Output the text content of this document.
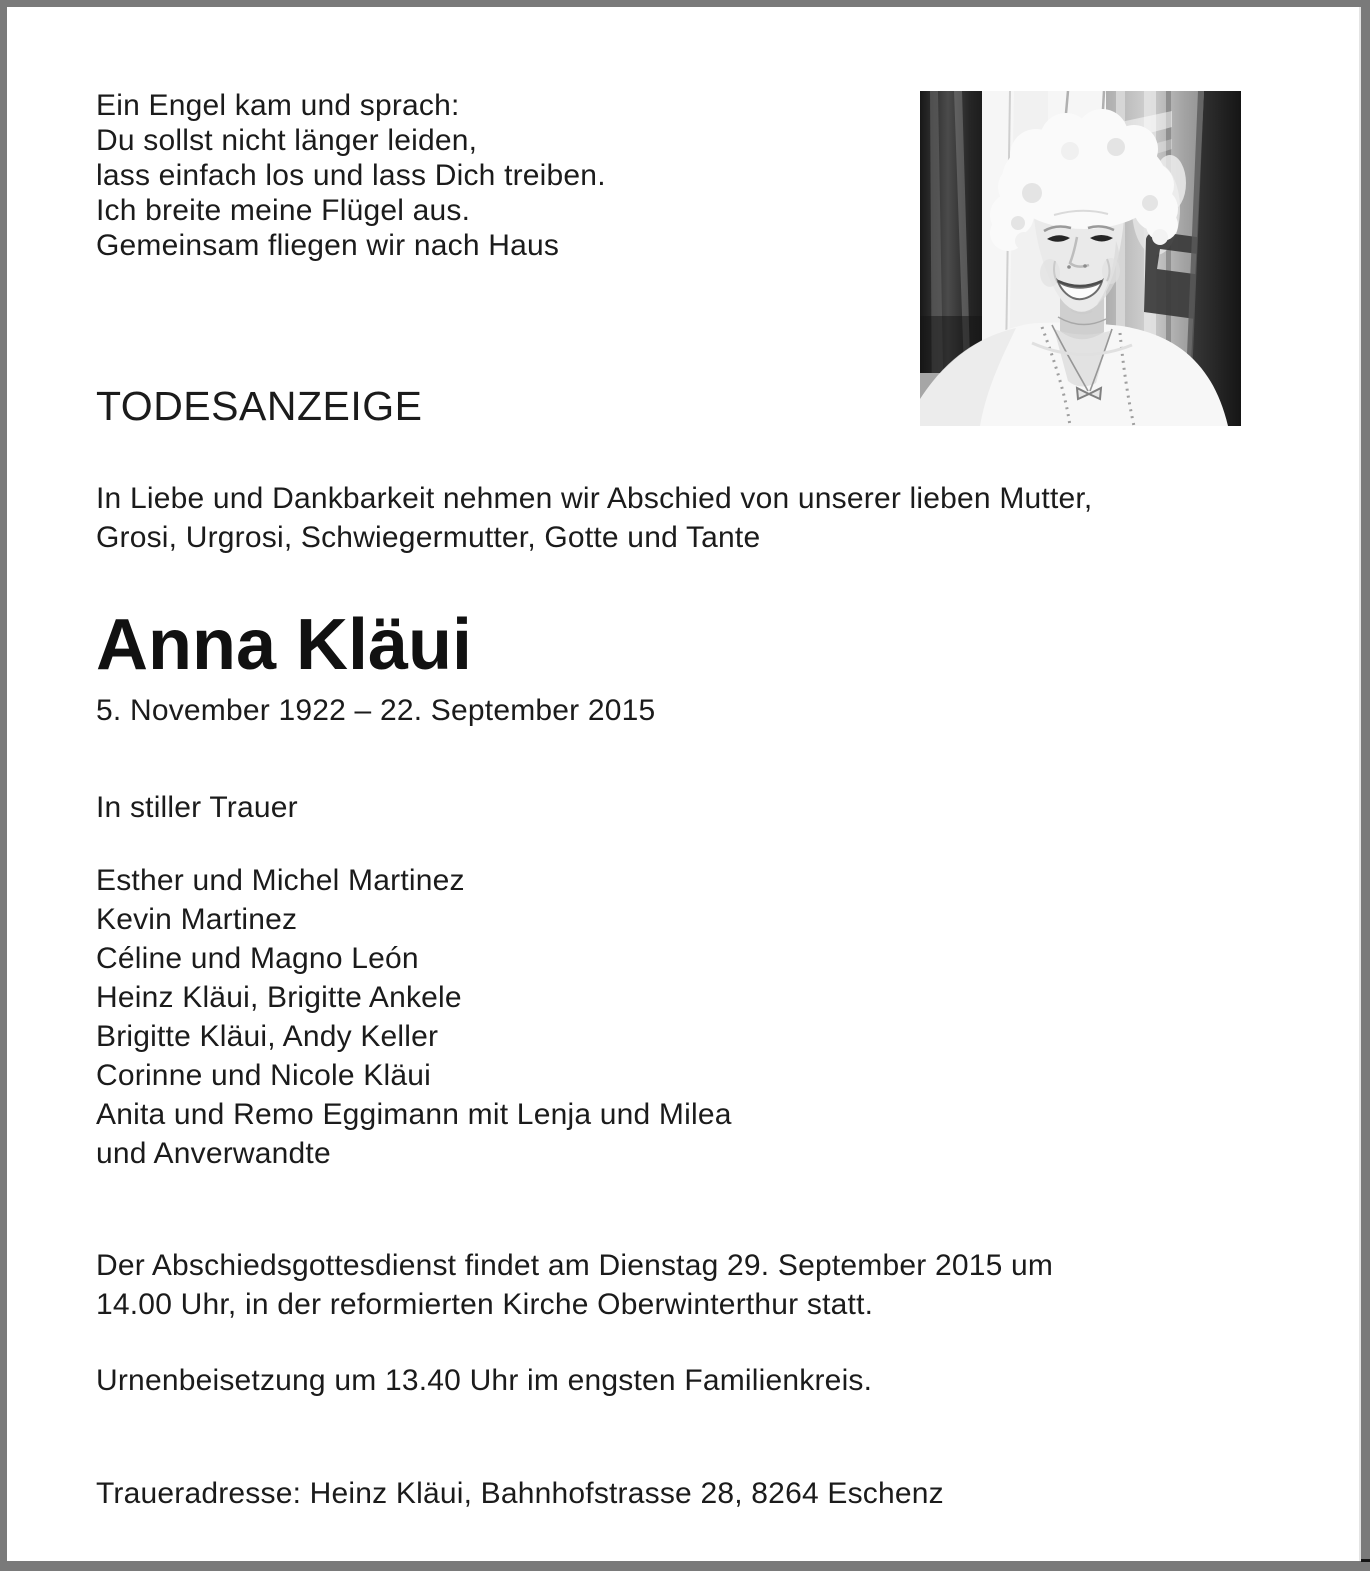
Ein Engel kam und sprach:
Du sollst nicht länger leiden,
lass einfach los und lass Dich treiben.
Ich breite meine Flügel aus.
Gemeinsam fliegen wir nach Haus
TODESANZEIGE
In Liebe und Dankbarkeit nehmen wir Abschied von unserer lieben Mutter,
Grosi, Urgrosi, Schwiegermutter, Gotte und Tante
Anna Kläui
5. November 1922 – 22. September 2015
In stiller Trauer
Esther und Michel Martinez
Kevin Martinez
Céline und Magno León
Heinz Kläui, Brigitte Ankele
Brigitte Kläui, Andy Keller
Corinne und Nicole Kläui
Anita und Remo Eggimann mit Lenja und Milea
und Anverwandte
Der Abschiedsgottesdienst findet am Dienstag 29. September 2015 um
14.00 Uhr, in der reformierten Kirche Oberwinterthur statt.
Urnenbeisetzung um 13.40 Uhr im engsten Familienkreis.
Traueradresse: Heinz Kläui, Bahnhofstrasse 28, 8264 Eschenz
